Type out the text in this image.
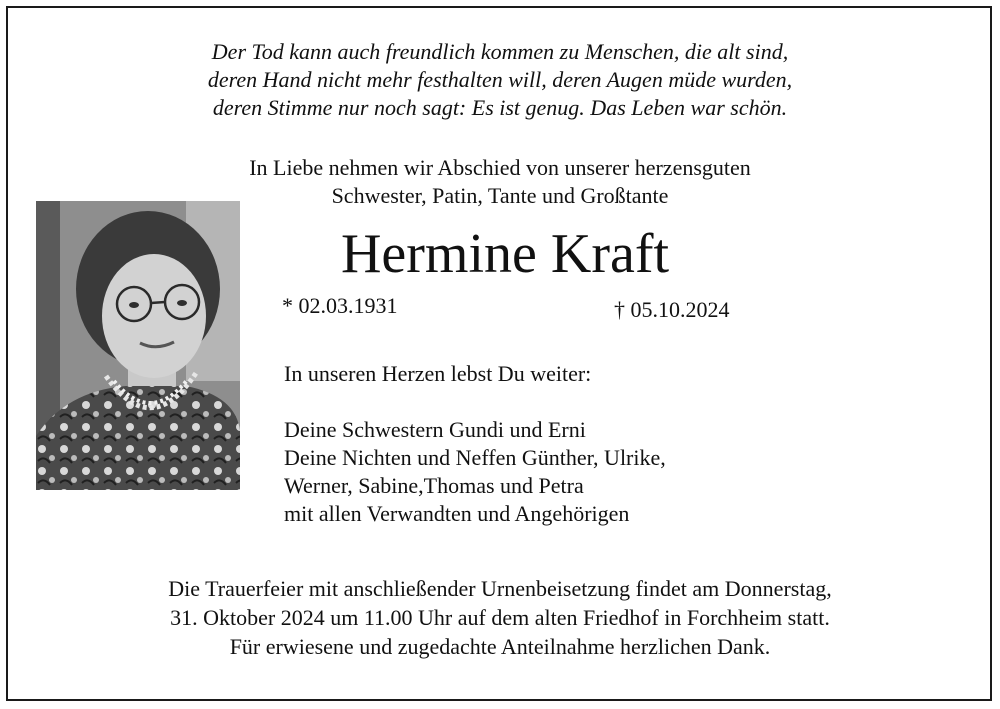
Der Tod kann auch freundlich kommen zu Menschen, die alt sind,
deren Hand nicht mehr festhalten will, deren Augen müde wurden,
deren Stimme nur noch sagt: Es ist genug. Das Leben war schön.
In Liebe nehmen wir Abschied von unserer herzensguten
Schwester, Patin, Tante und Großtante
Hermine Kraft
* 02.03.1931	† 05.10.2024
In unseren Herzen lebst Du weiter:
Deine Schwestern Gundi und Erni
Deine Nichten und Neffen Günther, Ulrike,
Werner, Sabine,Thomas und Petra
mit allen Verwandten und Angehörigen
Die Trauerfeier mit anschließender Urnenbeisetzung findet am Donnerstag,
31. Oktober 2024 um 11.00 Uhr auf dem alten Friedhof in Forchheim statt.
Für erwiesene und zugedachte Anteilnahme herzlichen Dank.
